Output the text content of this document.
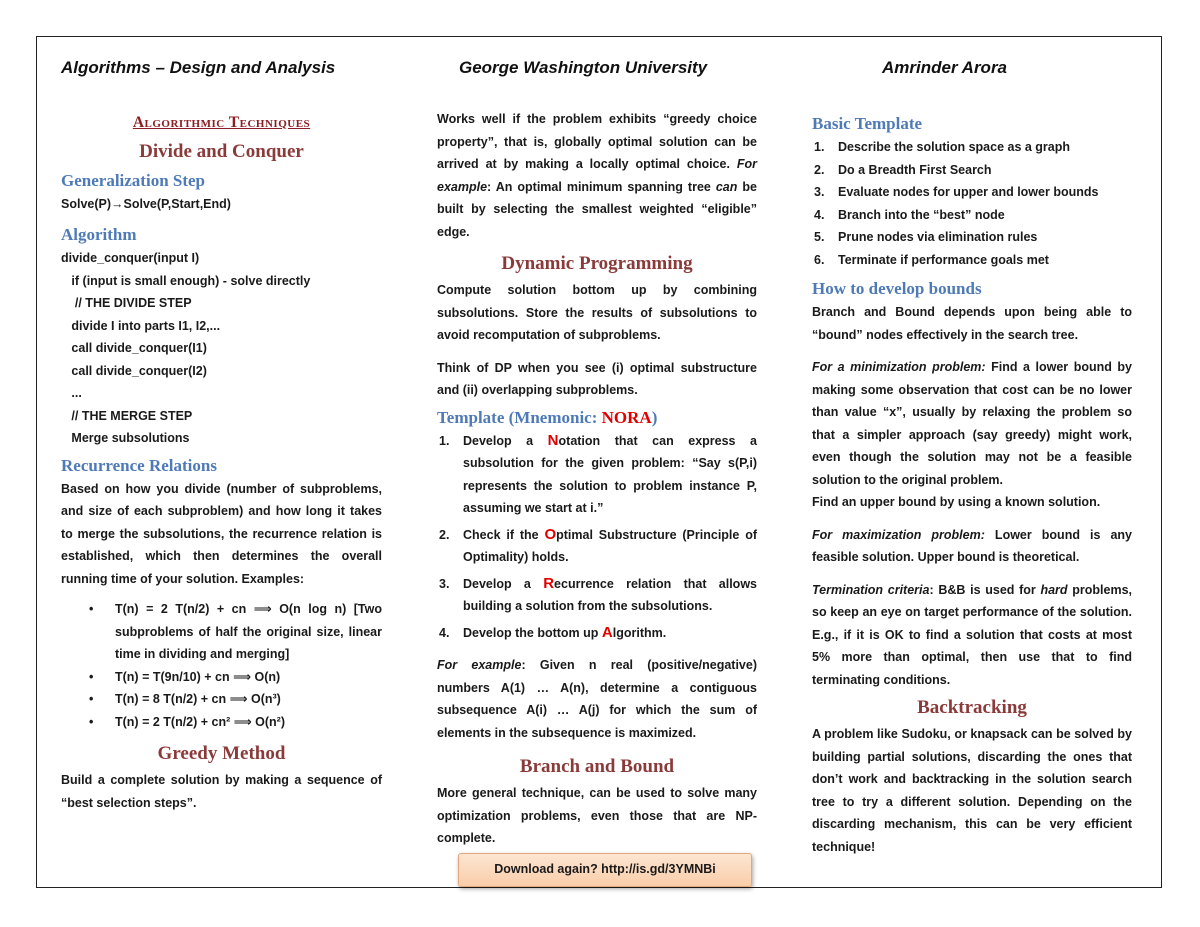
Algorithms – Design and Analysis	George Washington University	Amrinder Arora
Algorithmic Techniques
Divide and Conquer
Generalization Step

Solve(P)→Solve(P,Start,End)

Algorithm
divide_conquer(input I)
if (input is small enough) - solve directly
// THE DIVIDE STEP
divide I into parts I1, I2,...
call divide_conquer(I1)
call divide_conquer(I2)
...
// THE MERGE STEP
Merge subsolutions
Recurrence Relations

Based on how you divide (number of subproblems, and size of each subproblem) and how long it takes to merge the subsolutions, the recurrence relation is established, which then determines the overall running time of your solution. Examples:

• T(n) = 2 T(n/2) + cn ⟹ O(n log n) [Two subproblems of half the original size, linear time in dividing and merging]
• T(n) = T(9n/10) + cn ⟹ O(n)
• T(n) = 8 T(n/2) + cn ⟹ O(n³)
• T(n) = 2 T(n/2) + cn² ⟹ O(n²)
Greedy Method

Build a complete solution by making a sequence of “best selection steps”.

Works well if the problem exhibits “greedy choice property”, that is, globally optimal solution can be arrived at by making a locally optimal choice. For example: An optimal minimum spanning tree can be built by selecting the smallest weighted “eligible” edge.

Dynamic Programming

Compute solution bottom up by combining subsolutions. Store the results of subsolutions to avoid recomputation of subproblems.

Think of DP when you see (i) optimal substructure and (ii) overlapping subproblems.

Template (Mnemonic: NORA)
1. Develop a Notation that can express a subsolution for the given problem: “Say s(P,i) represents the solution to problem instance P, assuming we start at i.”
2. Check if the Optimal Substructure (Principle of Optimality) holds.
3. Develop a Recurrence relation that allows building a solution from the subsolutions.
4. Develop the bottom up Algorithm.

For example: Given n real (positive/negative) numbers A(1) … A(n), determine a contiguous subsequence A(i) … A(j) for which the sum of elements in the subsequence is maximized.

Branch and Bound

More general technique, can be used to solve many optimization problems, even those that are NP-complete.

Basic Template
1. Describe the solution space as a graph
2. Do a Breadth First Search
3. Evaluate nodes for upper and lower bounds
4. Branch into the “best” node
5. Prune nodes via elimination rules
6. Terminate if performance goals met
How to develop bounds

Branch and Bound depends upon being able to “bound” nodes effectively in the search tree.

For a minimization problem: Find a lower bound by making some observation that cost can be no lower than value “x”, usually by relaxing the problem so that a simpler approach (say greedy) might work, even though the solution may not be a feasible solution to the original problem.

Find an upper bound by using a known solution.

For maximization problem: Lower bound is any feasible solution. Upper bound is theoretical.

Termination criteria: B&B is used for hard problems, so keep an eye on target performance of the solution. E.g., if it is OK to find a solution that costs at most 5% more than optimal, then use that to find terminating conditions.

Backtracking

A problem like Sudoku, or knapsack can be solved by building partial solutions, discarding the ones that don’t work and backtracking in the solution search tree to try a different solution. Depending on the discarding mechanism, this can be very efficient technique!

Download again? http://is.gd/3YMNBi
